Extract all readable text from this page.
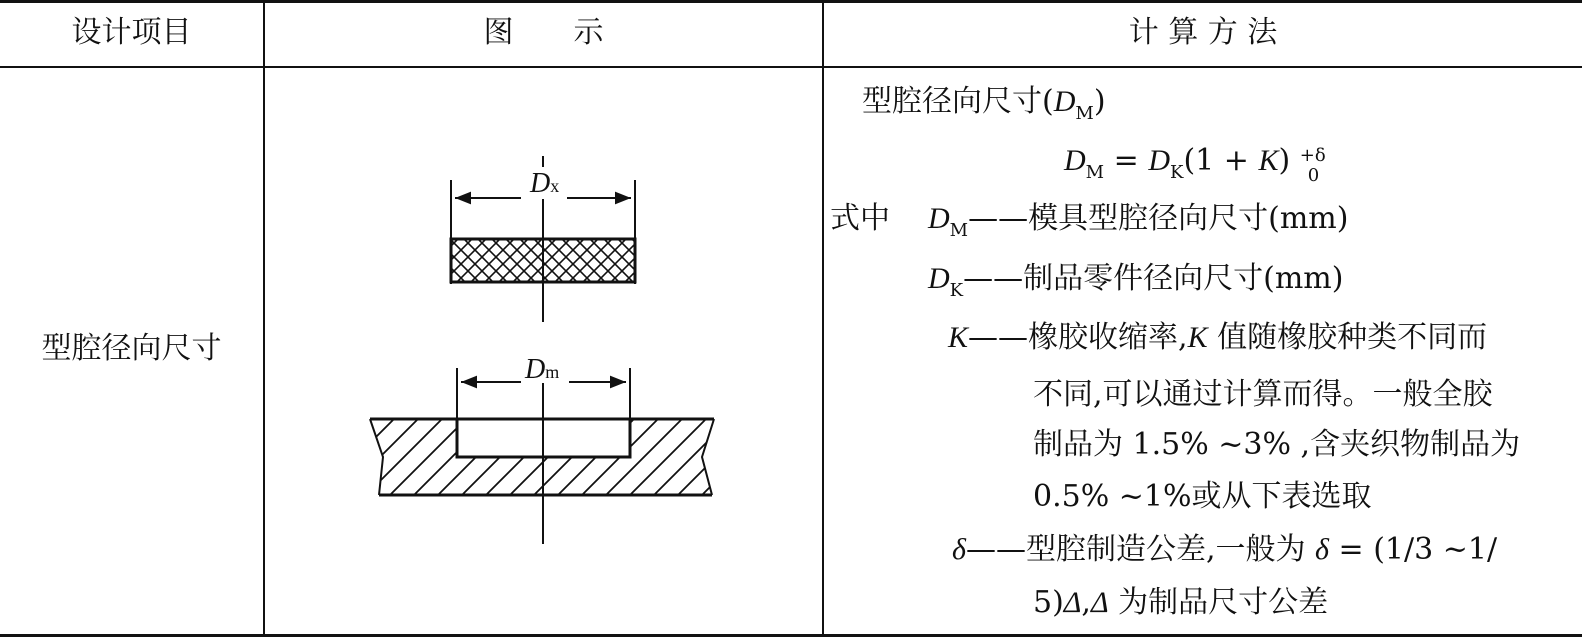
设计项目	图　　示	计 算 方 法
型腔径向尺寸
Dx
Dm
型腔径向尺寸$(D_M)$
$D_M = D_K(1 + K) +\delta$
0
式中 $D_M——$模具型腔径向尺寸(mm)
$D_K——$制品零件径向尺寸(mm)
K——橡胶收缩率,K 值随橡胶种类不同而
不同,可以通过计算而得。一般全胶
制品为 1.5% ~3% ,含夹织物制品为
0.5% ~1%或从下表选取
δ——型腔制造公差,一般为 δ = (1/3 ~1/
5)Δ,Δ 为制品尺寸公差
